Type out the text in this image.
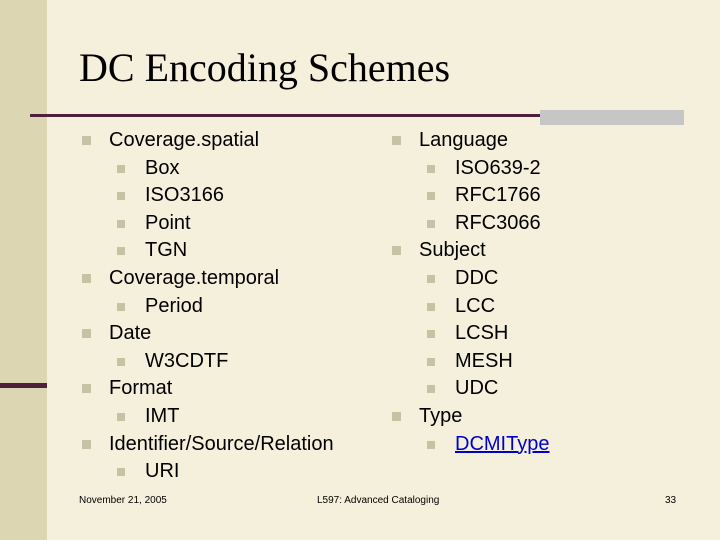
DC Encoding Schemes
Coverage.spatial
Box
ISO3166
Point
TGN
Coverage.temporal
Period
Date
W3CDTF
Format
IMT
Identifier/Source/Relation
URI
Language
ISO639-2
RFC1766
RFC3066
Subject
DDC
LCC
LCSH
MESH
UDC
Type
DCMIType
November 21, 2005	L597: Advanced Cataloging	33
